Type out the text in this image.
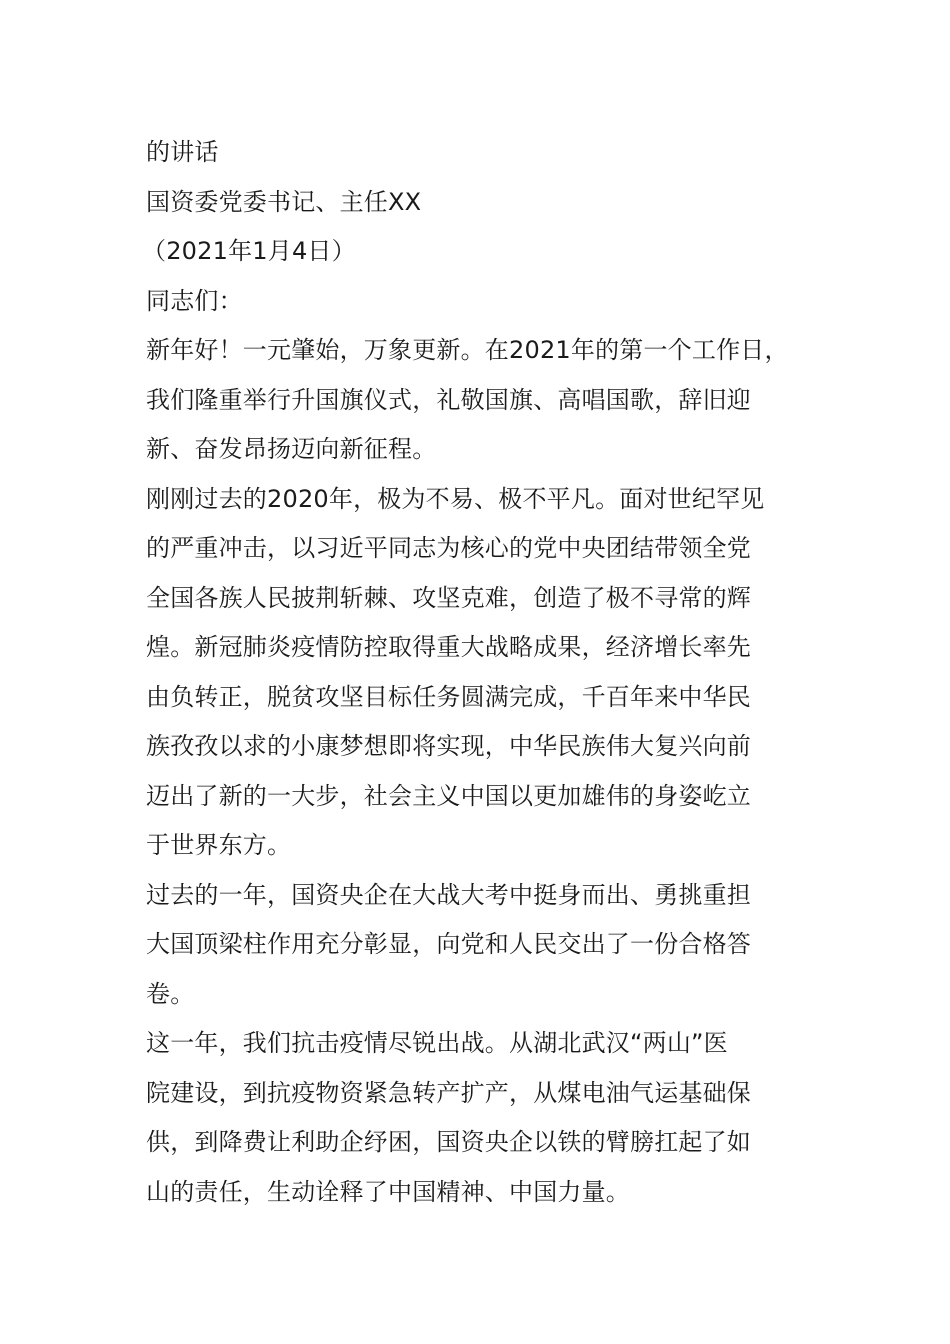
的讲话

国资委党委书记、主任XX

（2021年1月4日）

同志们：

新年好！一元肇始，万象更新。在2021年的第一个工作日，

我们隆重举行升国旗仪式，礼敬国旗、高唱国歌，辞旧迎

新、奋发昂扬迈向新征程。

刚刚过去的2020年，极为不易、极不平凡。面对世纪罕见

的严重冲击，以习近平同志为核心的党中央团结带领全党

全国各族人民披荆斩棘、攻坚克难，创造了极不寻常的辉

煌。新冠肺炎疫情防控取得重大战略成果，经济增长率先

由负转正，脱贫攻坚目标任务圆满完成，千百年来中华民

族孜孜以求的小康梦想即将实现，中华民族伟大复兴向前

迈出了新的一大步，社会主义中国以更加雄伟的身姿屹立

于世界东方。

过去的一年，国资央企在大战大考中挺身而出、勇挑重担

大国顶梁柱作用充分彰显，向党和人民交出了一份合格答

卷。

这一年，我们抗击疫情尽锐出战。从湖北武汉“两山”医

院建设，到抗疫物资紧急转产扩产，从煤电油气运基础保

供，到降费让利助企纾困，国资央企以铁的臂膀扛起了如

山的责任，生动诠释了中国精神、中国力量。
